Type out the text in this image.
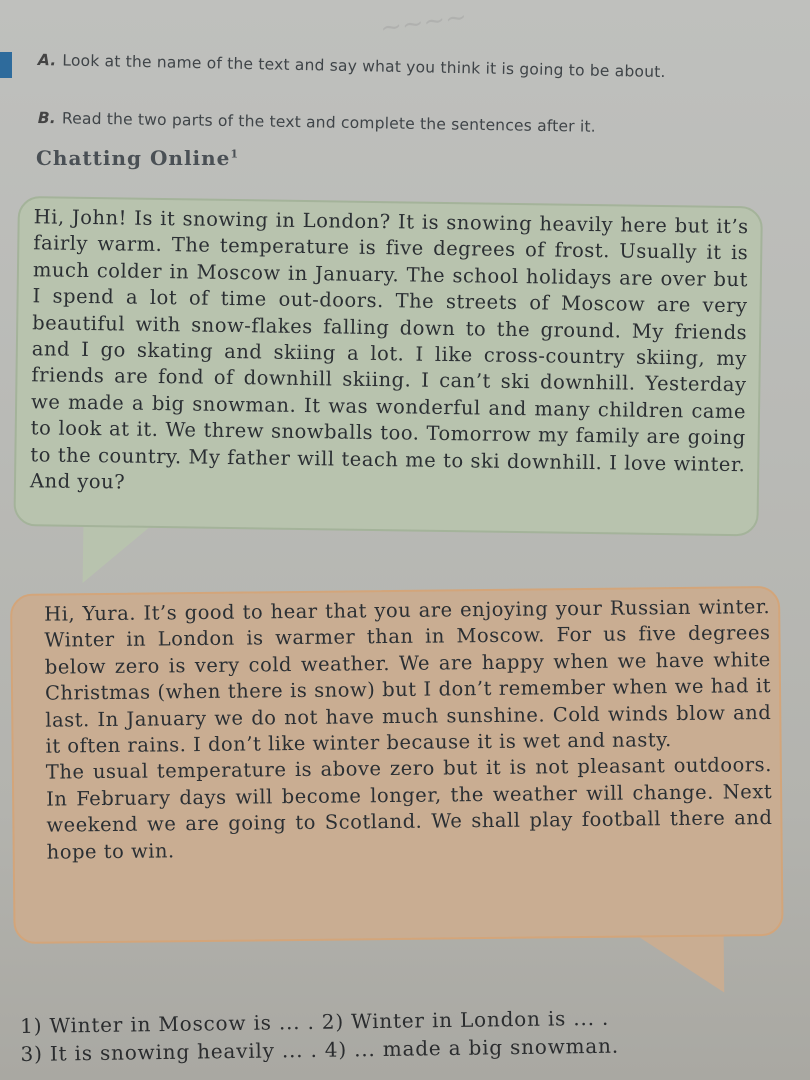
~~~~
A. Look at the name of the text and say what you think it is going to be about.
B. Read the two parts of the text and complete the sentences after it.
Chatting Online$^1$
Hi, John! Is it snowing in London? It is snowing heavily here but it’s fairly warm. The temperature is five degrees of frost. Usually it is much colder in Moscow in January. The school holidays are over but I spend a lot of time out-doors. The streets of Moscow are very beautiful with snow-flakes falling down to the ground. My friends and I go skating and skiing a lot. I like cross-country skiing, my friends are fond of downhill skiing. I can’t ski downhill. Yesterday we made a big snowman. It was wonderful and many children came to look at it. We threw snowballs too. Tomorrow my family are going to the country. My father will teach me to ski downhill. I love winter. And you?

Hi, Yura. It’s good to hear that you are enjoying your Russian winter. Winter in London is warmer than in Moscow. For us five degrees below zero is very cold weather. We are happy when we have white Christmas (when there is snow) but I don’t remember when we had it last. In January we do not have much sunshine. Cold winds blow and it often rains. I don’t like winter because it is wet and nasty.

The usual temperature is above zero but it is not pleasant outdoors. In February days will become longer, the weather will change. Next weekend we are going to Scotland. We shall play football there and hope to win.

1) Winter in Moscow is ... . 2) Winter in London is ... .
3) It is snowing heavily ... . 4) ... made a big snowman.
